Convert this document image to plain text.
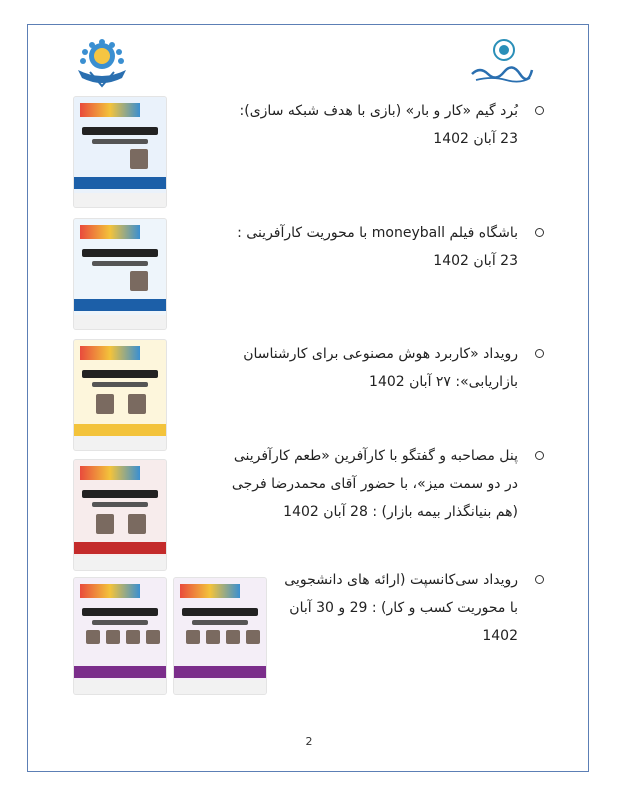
بُرد گیم «کار و بار» (بازی با هدف شبکه سازی): 23 آبان 1402
باشگاه فیلم moneyball با محوریت کارآفرینی : 23 آبان 1402
رویداد «کاربرد هوش مصنوعی برای کارشناسان بازاریابی»: ۲۷ آبان 1402
پنل مصاحبه و گفتگو با کارآفرین «طعم کارآفرینی در دو سمت میز»، با حضور آقای محمدرضا فرجی (هم بنیانگذار بیمه بازار) : 28 آبان 1402
رویداد سی‌کانسپت (ارائه های دانشجویی با محوریت کسب و کار) : 29 و 30 آبان 1402
2
